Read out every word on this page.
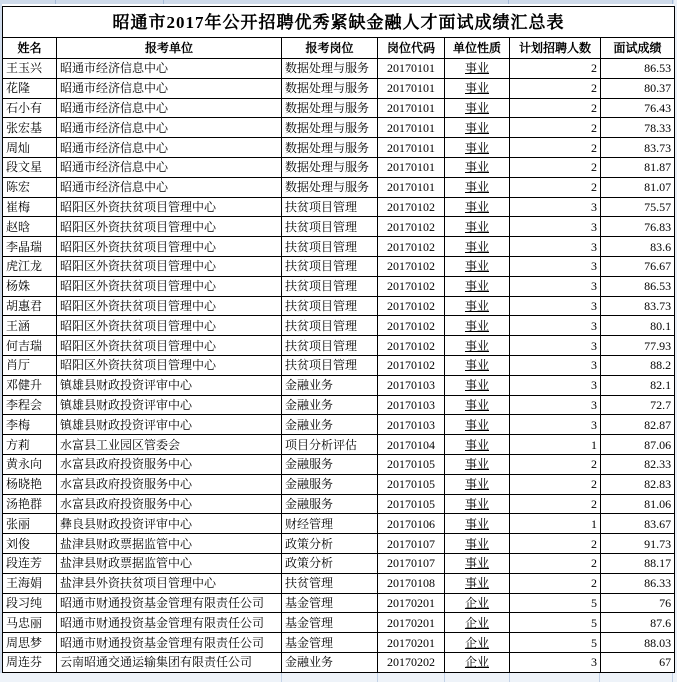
昭通市2017年公开招聘优秀紧缺金融人才面试成绩汇总表						
姓名	报考单位	报考岗位	岗位代码	单位性质	计划招聘人数	面试成绩
王玉兴	昭通市经济信息中心	数据处理与服务	20170101	事业	2	86.53
花隆	昭通市经济信息中心	数据处理与服务	20170101	事业	2	80.37
石小有	昭通市经济信息中心	数据处理与服务	20170101	事业	2	76.43
张宏基	昭通市经济信息中心	数据处理与服务	20170101	事业	2	78.33
周灿	昭通市经济信息中心	数据处理与服务	20170101	事业	2	83.73
段文星	昭通市经济信息中心	数据处理与服务	20170101	事业	2	81.87
陈宏	昭通市经济信息中心	数据处理与服务	20170101	事业	2	81.07
崔梅	昭阳区外资扶贫项目管理中心	扶贫项目管理	20170102	事业	3	75.57
赵晗	昭阳区外资扶贫项目管理中心	扶贫项目管理	20170102	事业	3	76.83
李晶瑞	昭阳区外资扶贫项目管理中心	扶贫项目管理	20170102	事业	3	83.6
虎江龙	昭阳区外资扶贫项目管理中心	扶贫项目管理	20170102	事业	3	76.67
杨姝	昭阳区外资扶贫项目管理中心	扶贫项目管理	20170102	事业	3	86.53
胡惠君	昭阳区外资扶贫项目管理中心	扶贫项目管理	20170102	事业	3	83.73
王涵	昭阳区外资扶贫项目管理中心	扶贫项目管理	20170102	事业	3	80.1
何吉瑞	昭阳区外资扶贫项目管理中心	扶贫项目管理	20170102	事业	3	77.93
肖厅	昭阳区外资扶贫项目管理中心	扶贫项目管理	20170102	事业	3	88.2
邓健升	镇雄县财政投资评审中心	金融业务	20170103	事业	3	82.1
李程会	镇雄县财政投资评审中心	金融业务	20170103	事业	3	72.7
李梅	镇雄县财政投资评审中心	金融业务	20170103	事业	3	82.87
方莉	水富县工业园区管委会	项目分析评估	20170104	事业	1	87.06
黄永向	水富县政府投资服务中心	金融服务	20170105	事业	2	82.33
杨晓艳	水富县政府投资服务中心	金融服务	20170105	事业	2	82.83
汤艳群	水富县政府投资服务中心	金融服务	20170105	事业	2	81.06
张丽	彝良县财政投资评审中心	财经管理	20170106	事业	1	83.67
刘俊	盐津县财政票据监管中心	政策分析	20170107	事业	2	91.73
段连芳	盐津县财政票据监管中心	政策分析	20170107	事业	2	88.17
王海娟	盐津县外资扶贫项目管理中心	扶贫管理	20170108	事业	2	86.33
段习纯	昭通市财通投资基金管理有限责任公司	基金管理	20170201	企业	5	76
马忠丽	昭通市财通投资基金管理有限责任公司	基金管理	20170201	企业	5	87.6
周思梦	昭通市财通投资基金管理有限责任公司	基金管理	20170201	企业	5	88.03
周连芬	云南昭通交通运输集团有限责任公司	金融业务	20170202	企业	3	67
